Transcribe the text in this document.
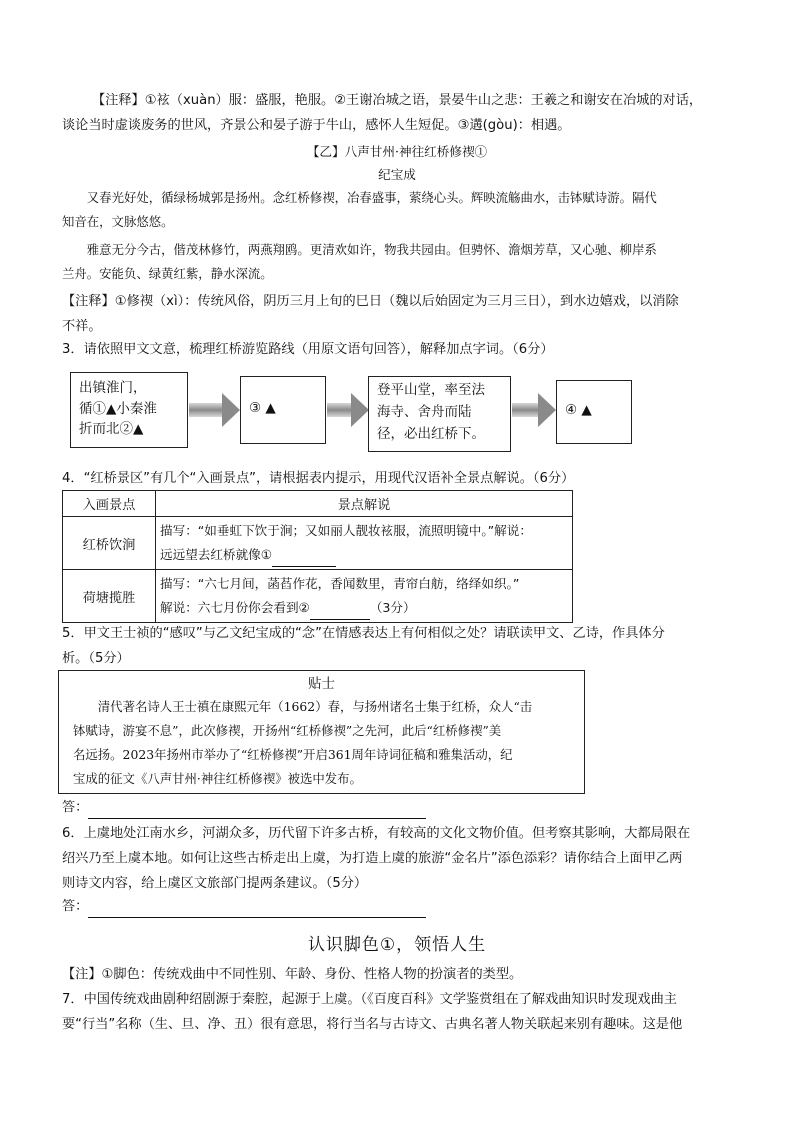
【注释】①袨（xuàn）服：盛服，艳服。②王谢冶城之语，景晏牛山之悲：王羲之和谢安在冶城的对话，

谈论当时虚谈废务的世风，齐景公和晏子游于牛山，感怀人生短促。③遘(gòu)：相遇。

【乙】八声甘州·神往红桥修禊①
纪宝成

又春光好处，循绿杨城郭是扬州。念红桥修禊，冶春盛事，萦绕心头。辉映流觞曲水，击钵赋诗游。隔代

知音在，文脉悠悠。

雅意无分今古，偕茂林修竹，两燕翔鸥。更清欢如许，物我共园由。但骋怀、澹烟芳草，又心驰、柳岸系

兰舟。安能负、绿黄红紫，静水深流。

【注释】①修禊（xì）：传统风俗，阴历三月上旬的巳日（魏以后始固定为三月三日），到水边嬉戏，以消除

不祥。

3．请依照甲文文意，梳理红桥游览路线（用原文语句回答），解释加点字词。（6分）
出镇淮门，
循①▲小秦淮
折而北②▲
③ ▲
登平山堂，率至法
海寺、舍舟而陆
径，必出红桥下。
④ ▲
4．“红桥景区”有几个“入画景点”，请根据表内提示，用现代汉语补全景点解说。（6分）
入画景点	景点解说
红桥饮涧	描写：“如垂虹下饮于涧；又如丽人靓妆袨服，流照明镜中。”解说：
远远望去红桥就像①

荷塘揽胜	描写：“六七月间，菡萏作花，香闻数里，青帘白舫，络绎如织。”
解说：六七月份你会看到② （3分）

5．甲文王士祯的“感叹”与乙文纪宝成的“念”在情感表达上有何相似之处？请联读甲文、乙诗，作具体分

析。（5分）

贴士

清代著名诗人王士禛在康熙元年（1662）春，与扬州诸名士集于红桥，众人“击

钵赋诗，游宴不息”，此次修禊，开扬州“红桥修禊”之先河，此后“红桥修禊”美

名远扬。2023年扬州市举办了“红桥修禊”开启361周年诗词征稿和雅集活动，纪

宝成的征文《八声甘州·神往红桥修禊》被选中发布。

答：

6．上虞地处江南水乡，河湖众多，历代留下许多古桥，有较高的文化文物价值。但考察其影响，大都局限在

绍兴乃至上虞本地。如何让这些古桥走出上虞，为打造上虞的旅游“金名片”添色添彩？请你结合上面甲乙两

则诗文内容，给上虞区文旅部门提两条建议。（5分）

答：
认识脚色①，领悟人生
【注】①脚色：传统戏曲中不同性别、年龄、身份、性格人物的扮演者的类型。

7．中国传统戏曲剧种绍剧源于秦腔，起源于上虞。（《百度百科》文学鉴赏组在了解戏曲知识时发现戏曲主

要“行当”名称（生、旦、净、丑）很有意思，将行当名与古诗文、古典名著人物关联起来别有趣味。这是他
